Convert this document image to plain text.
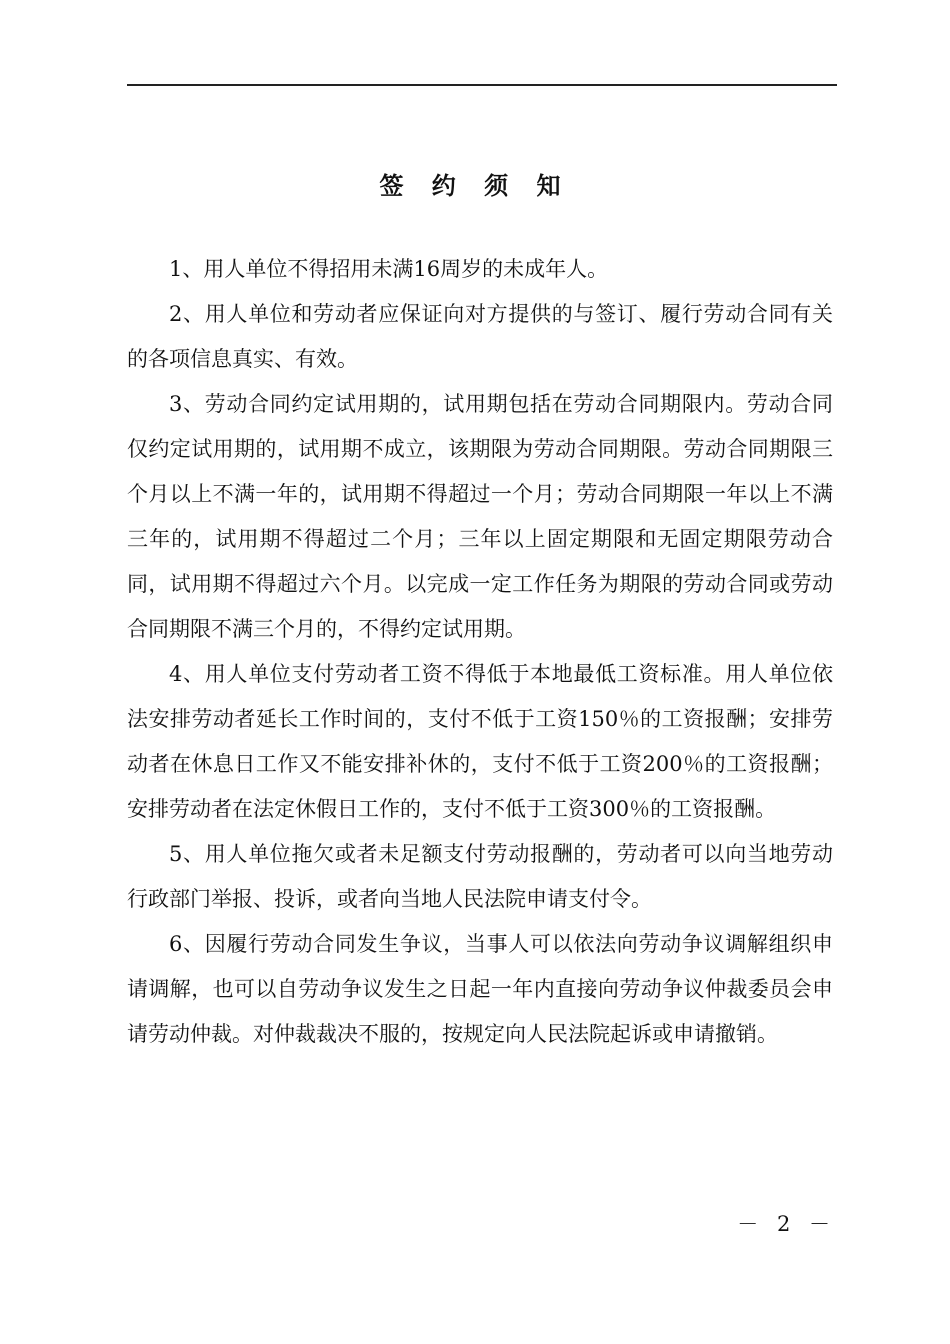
签 约 须 知

1、用人单位不得招用未满16周岁的未成年人。

2、用人单位和劳动者应保证向对方提供的与签订、履行劳动合同有关的各项信息真实、有效。

3、劳动合同约定试用期的，试用期包括在劳动合同期限内。劳动合同仅约定试用期的，试用期不成立，该期限为劳动合同期限。劳动合同期限三个月以上不满一年的，试用期不得超过一个月；劳动合同期限一年以上不满三年的，试用期不得超过二个月；三年以上固定期限和无固定期限劳动合同，试用期不得超过六个月。以完成一定工作任务为期限的劳动合同或劳动合同期限不满三个月的，不得约定试用期。

4、用人单位支付劳动者工资不得低于本地最低工资标准。用人单位依法安排劳动者延长工作时间的，支付不低于工资150％的工资报酬；安排劳动者在休息日工作又不能安排补休的，支付不低于工资200％的工资报酬；安排劳动者在法定休假日工作的，支付不低于工资300％的工资报酬。

5、用人单位拖欠或者未足额支付劳动报酬的，劳动者可以向当地劳动行政部门举报、投诉，或者向当地人民法院申请支付令。

6、因履行劳动合同发生争议，当事人可以依法向劳动争议调解组织申请调解，也可以自劳动争议发生之日起一年内直接向劳动争议仲裁委员会申请劳动仲裁。对仲裁裁决不服的，按规定向人民法院起诉或申请撤销。

－ 2 －
